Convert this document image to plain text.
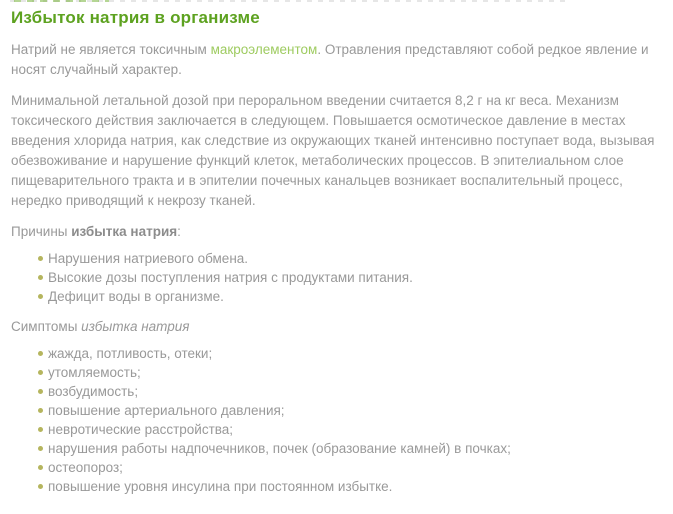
Избыток натрия в организме

Натрий не является токсичным макроэлементом. Отравления представляют собой редкое явление и носят случайный характер.

Минимальной летальной дозой при пероральном введении считается 8,2 г на кг веса. Механизм токсического действия заключается в следующем. Повышается осмотическое давление в местах введения хлорида натрия, как следствие из окружающих тканей интенсивно поступает вода, вызывая обезвоживание и нарушение функций клеток, метаболических процессов. В эпителиальном слое пищеварительного тракта и в эпителии почечных канальцев возникает воспалительный процесс, нередко приводящий к некрозу тканей.

Причины избытка натрия:

Нарушения натриевого обмена.
Высокие дозы поступления натрия с продуктами питания.
Дефицит воды в организме.

Симптомы избытка натрия

жажда, потливость, отеки;
утомляемость;
возбудимость;
повышение артериального давления;
невротические расстройства;
нарушения работы надпочечников, почек (образование камней) в почках;
остеопороз;
повышение уровня инсулина при постоянном избытке.
